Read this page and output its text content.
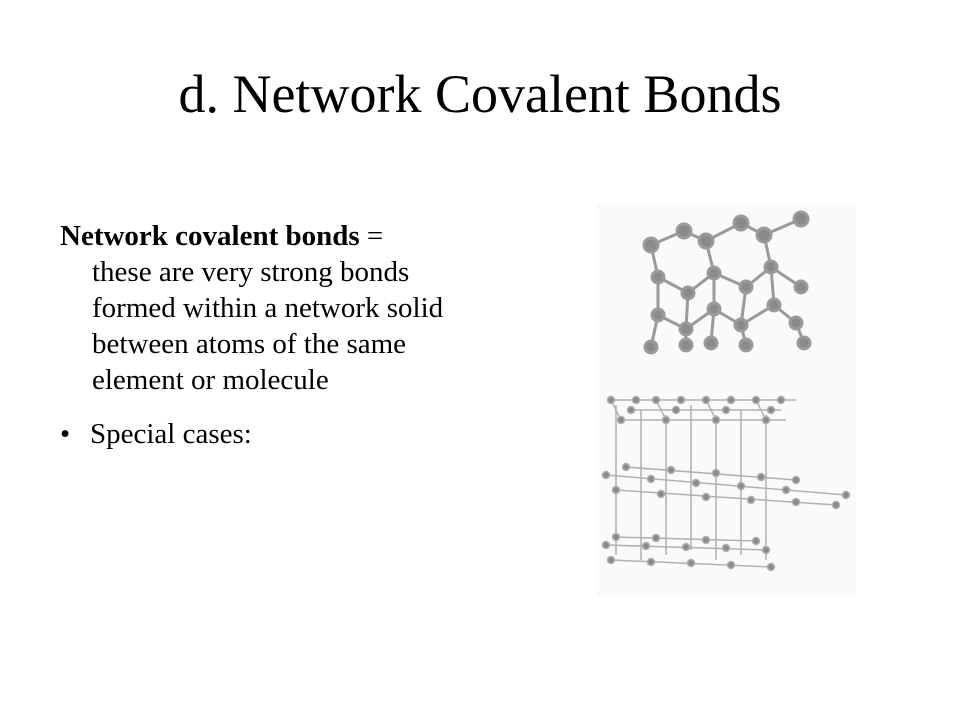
d. Network Covalent Bonds

Network covalent bonds = these are very strong bonds formed within a network solid between atoms of the same element or molecule

• Special cases:
